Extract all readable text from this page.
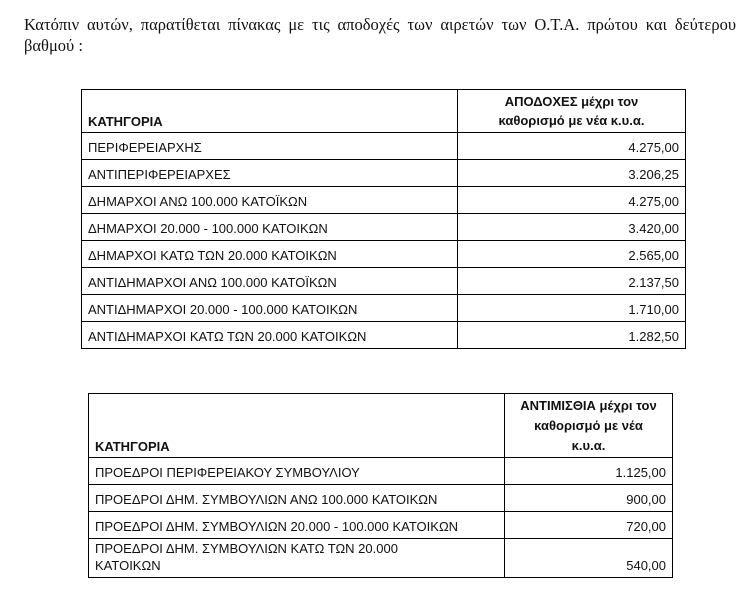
Κατόπιν αυτών, παρατίθεται πίνακας με τις αποδοχές των αιρετών των Ο.Τ.Α. πρώτου και δεύτερου βαθμού :

ΚΑΤΗΓΟΡΙΑ	ΑΠΟΔΟΧΕΣ μέχρι τον
καθορισμό με νέα κ.υ.α.

ΠΕΡΙΦΕΡΕΙΑΡΧΗΣ	4.275,00

ΑΝΤΙΠΕΡΙΦΕΡΕΙΑΡΧΕΣ	3.206,25

ΔΗΜΑΡΧΟΙ ΑΝΩ 100.000 ΚΑΤΟΪΚΩΝ	4.275,00

ΔΗΜΑΡΧΟΙ 20.000 - 100.000 ΚΑΤΟΙΚΩΝ	3.420,00

ΔΗΜΑΡΧΟΙ ΚΑΤΩ ΤΩΝ 20.000 ΚΑΤΟΙΚΩΝ	2.565,00

ΑΝΤΙΔΗΜΑΡΧΟΙ ΑΝΩ 100.000 ΚΑΤΟΪΚΩΝ	2.137,50

ΑΝΤΙΔΗΜΑΡΧΟΙ 20.000 - 100.000 ΚΑΤΟΙΚΩΝ	1.710,00

ΑΝΤΙΔΗΜΑΡΧΟΙ ΚΑΤΩ ΤΩΝ 20.000 ΚΑΤΟΙΚΩΝ	1.282,50
ΚΑΤΗΓΟΡΙΑ	ΑΝΤΙΜΙΣΘΙΑ μέχρι τον
καθορισμό με νέα
κ.υ.α.

ΠΡΟΕΔΡΟΙ ΠΕΡΙΦΕΡΕΙΑΚΟΥ ΣΥΜΒΟΥΛΙΟΥ	1.125,00

ΠΡΟΕΔΡΟΙ ΔΗΜ. ΣΥΜΒΟΥΛΙΩΝ ΑΝΩ 100.000 ΚΑΤΟΙΚΩΝ	900,00

ΠΡΟΕΔΡΟΙ ΔΗΜ. ΣΥΜΒΟΥΛΙΩΝ 20.000 - 100.000 ΚΑΤΟΙΚΩΝ	720,00

ΠΡΟΕΔΡΟΙ ΔΗΜ. ΣΥΜΒΟΥΛΙΩΝ ΚΑΤΩ ΤΩΝ 20.000
ΚΑΤΟΙΚΩΝ	540,00
